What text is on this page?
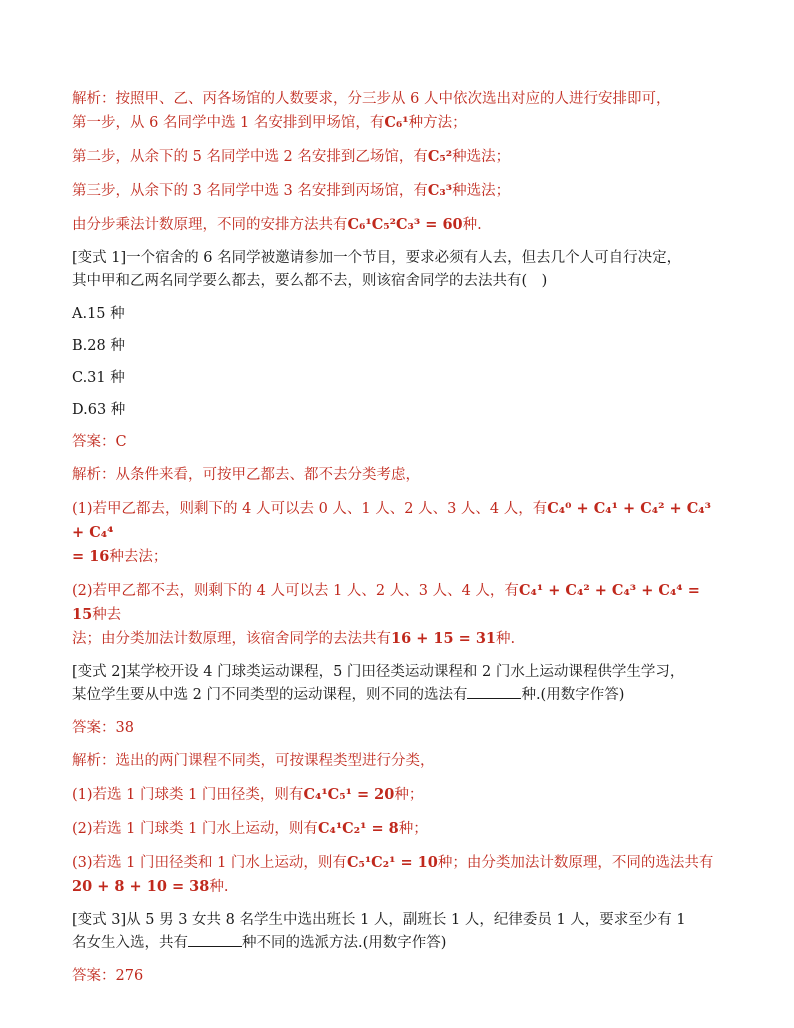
解析：按照甲、乙、丙各场馆的人数要求，分三步从 6 人中依次选出对应的人进行安排即可，

第一步，从 6 名同学中选 1 名安排到甲场馆，有C₆¹种方法；

第二步，从余下的 5 名同学中选 2 名安排到乙场馆，有C₅²种选法；

第三步，从余下的 3 名同学中选 3 名安排到丙场馆，有C₃³种选法；

由分步乘法计数原理，不同的安排方法共有C₆¹C₅²C₃³ = 60种.

[变式 1]一个宿舍的 6 名同学被邀请参加一个节目，要求必须有人去，但去几个人可自行决定，
其中甲和乙两名同学要么都去，要么都不去，则该宿舍同学的去法共有(　)

A.15 种

B.28 种

C.31 种

D.63 种

答案：C

解析：从条件来看，可按甲乙都去、都不去分类考虑，

(1)若甲乙都去，则剩下的 4 人可以去 0 人、1 人、2 人、3 人、4 人，有C₄⁰ + C₄¹ + C₄² + C₄³ + C₄⁴
= 16种去法；

(2)若甲乙都不去，则剩下的 4 人可以去 1 人、2 人、3 人、4 人，有C₄¹ + C₄² + C₄³ + C₄⁴ = 15种去
法；由分类加法计数原理，该宿舍同学的去法共有16 + 15 = 31种.

[变式 2]某学校开设 4 门球类运动课程，5 门田径类运动课程和 2 门水上运动课程供学生学习，
某位学生要从中选 2 门不同类型的运动课程，则不同的选法有	种.(用数字作答)

答案：38

解析：选出的两门课程不同类，可按课程类型进行分类，

(1)若选 1 门球类 1 门田径类，则有C₄¹C₅¹ = 20种；

(2)若选 1 门球类 1 门水上运动，则有C₄¹C₂¹ = 8种；

(3)若选 1 门田径类和 1 门水上运动，则有C₅¹C₂¹ = 10种；由分类加法计数原理，不同的选法共有
20 + 8 + 10 = 38种.

[变式 3]从 5 男 3 女共 8 名学生中选出班长 1 人，副班长 1 人，纪律委员 1 人，要求至少有 1
名女生入选，共有	种不同的选派方法.(用数字作答)

答案：276
